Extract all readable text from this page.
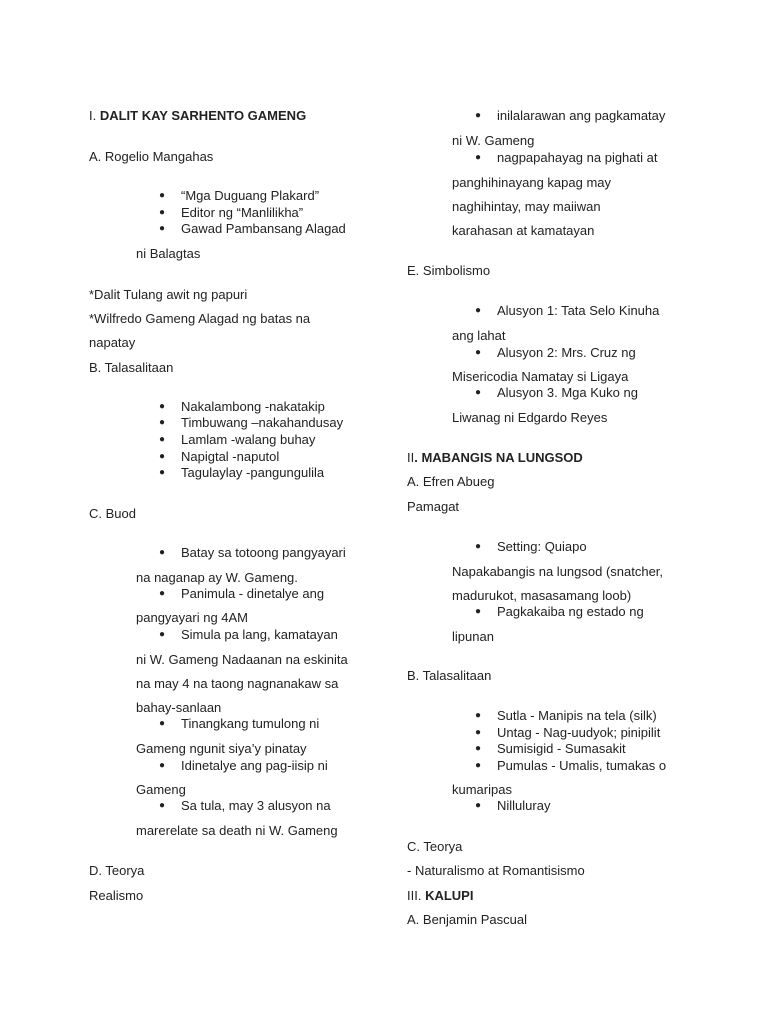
I. DALIT KAY SARHENTO GAMENG
A. Rogelio Mangahas
● “Mga Duguang Plakard”
● Editor ng “Manlilikha”
● Gawad Pambansang Alagad
ni Balagtas
*Dalit Tulang awit ng papuri
*Wilfredo Gameng Alagad ng batas na
napatay
B. Talasalitaan
● Nakalambong -nakatakip
● Timbuwang –nakahandusay
● Lamlam -walang buhay
● Napigtal -naputol
● Tagulaylay -pangungulila
C. Buod
● Batay sa totoong pangyayari
na naganap ay W. Gameng.
● Panimula - dinetalye ang
pangyayari ng 4AM
● Simula pa lang, kamatayan
ni W. Gameng Nadaanan na eskinita
na may 4 na taong nagnanakaw sa
bahay-sanlaan
● Tinangkang tumulong ni
Gameng ngunit siya’y pinatay
● Idinetalye ang pag-iisip ni
Gameng
● Sa tula, may 3 alusyon na
marerelate sa death ni W. Gameng
D. Teorya
Realismo
● inilalarawan ang pagkamatay
ni W. Gameng
● nagpapahayag na pighati at
panghihinayang kapag may
naghihintay, may maiiwan
karahasan at kamatayan
E. Simbolismo
● Alusyon 1: Tata Selo Kinuha
ang lahat
● Alusyon 2: Mrs. Cruz ng
Misericodia Namatay si Ligaya
● Alusyon 3. Mga Kuko ng
Liwanag ni Edgardo Reyes
II. MABANGIS NA LUNGSOD
A. Efren Abueg
Pamagat
● Setting: Quiapo
Napakabangis na lungsod (snatcher,
madurukot, masasamang loob)
● Pagkakaiba ng estado ng
lipunan
B. Talasalitaan
● Sutla - Manipis na tela (silk)
● Untag - Nag-uudyok; pinipilit
● Sumisigid - Sumasakit
● Pumulas - Umalis, tumakas o
kumaripas
● Nilluluray
C. Teorya
- Naturalismo at Romantisismo
III. KALUPI
A. Benjamin Pascual
